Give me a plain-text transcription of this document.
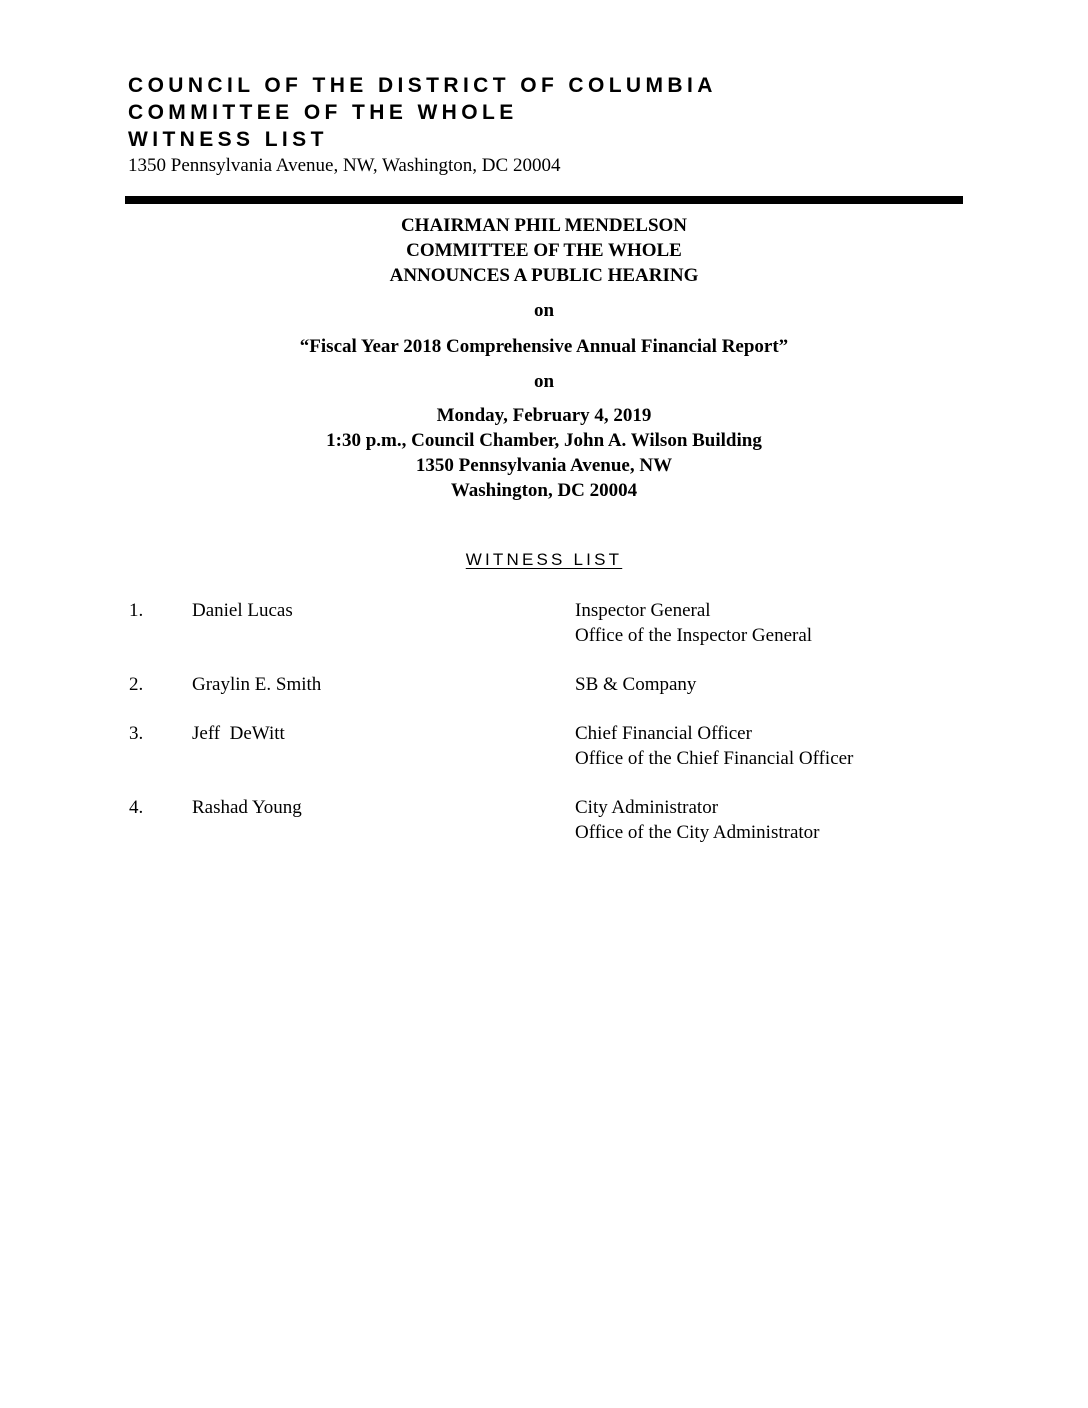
COUNCIL OF THE DISTRICT OF COLUMBIA
COMMITTEE OF THE WHOLE
WITNESS LIST
1350 Pennsylvania Avenue, NW, Washington, DC 20004
CHAIRMAN PHIL MENDELSON
COMMITTEE OF THE WHOLE
ANNOUNCES A PUBLIC HEARING
on
“Fiscal Year 2018 Comprehensive Annual Financial Report”
on
Monday, February 4, 2019
1:30 p.m., Council Chamber, John A. Wilson Building
1350 Pennsylvania Avenue, NW
Washington, DC 20004
WITNESS LIST
1.	Daniel Lucas	Inspector General
Office of the Inspector General
2.	Graylin E. Smith	SB & Company
3.	Jeff  DeWitt	Chief Financial Officer
Office of the Chief Financial Officer
4.	Rashad Young	City Administrator
Office of the City Administrator
